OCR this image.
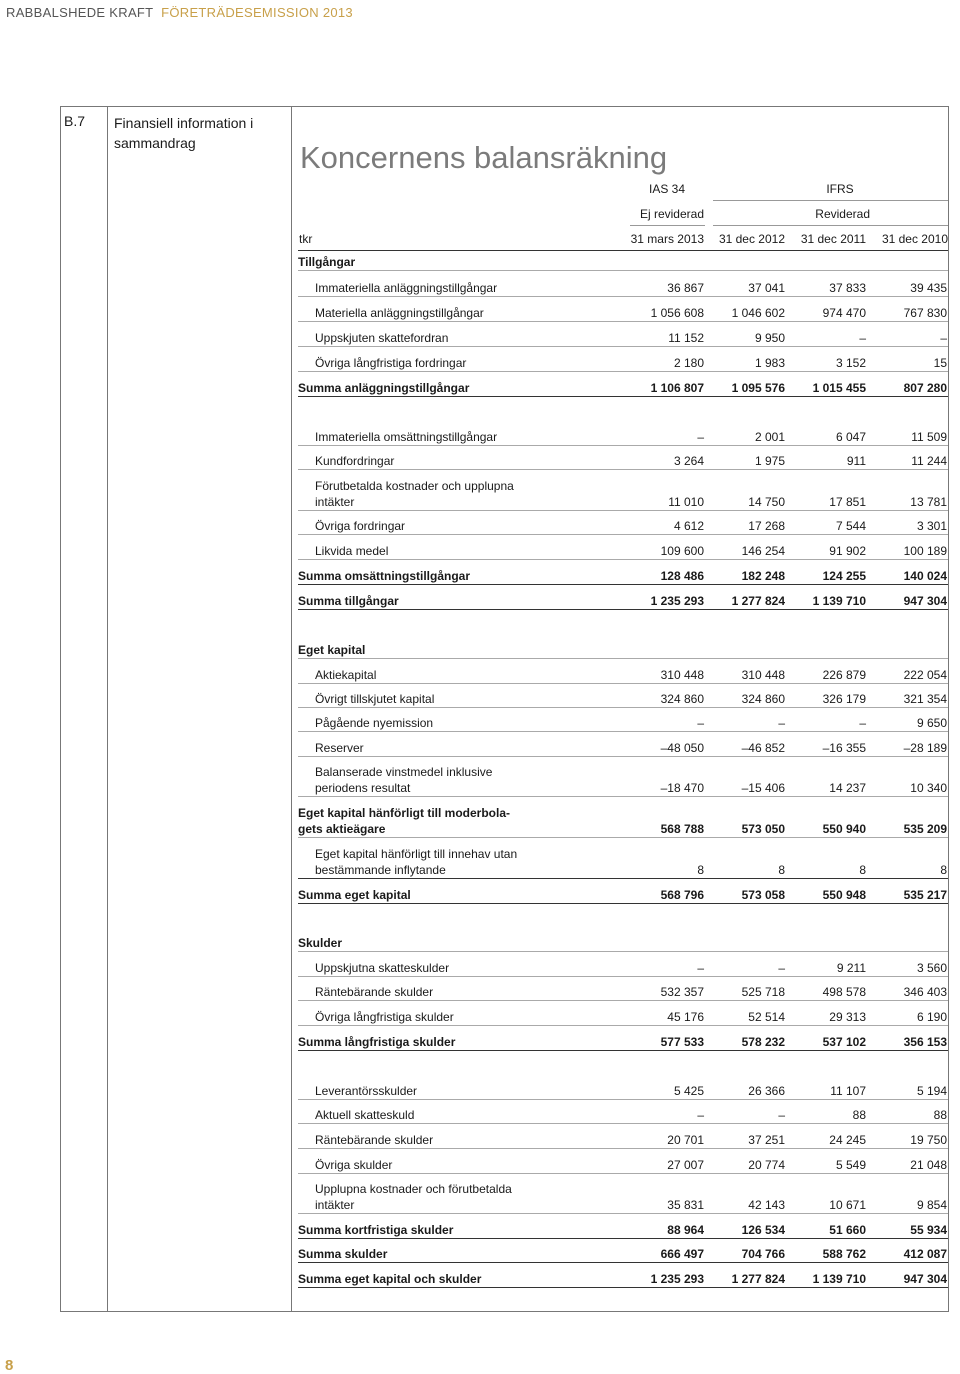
RABBALSHEDE KRAFT FÖRETRÄDESEMISSION 2013
B.7 Finansiell information i sammandrag	Koncernens balansräkning
IAS 34	IFRS
Ej reviderad	Reviderad
tkr	31 mars 2013	31 dec 2012	31 dec 2011	31 dec 2010
Tillgångar
Immateriella anläggningstillgångar	36 867	37 041	37 833	39 435
Materiella anläggningstillgångar	1 056 608	1 046 602	974 470	767 830
Uppskjuten skattefordran	11 152	9 950	–	–
Övriga långfristiga fordringar	2 180	1 983	3 152	15
Summa anläggningstillgångar	1 106 807	1 095 576	1 015 455	807 280
Immateriella omsättningstillgångar	–	2 001	6 047	11 509
Kundfordringar	3 264	1 975	911	11 244
Förutbetalda kostnader och upplupna
intäkter	11 010	14 750	17 851	13 781
Övriga fordringar	4 612	17 268	7 544	3 301
Likvida medel	109 600	146 254	91 902	100 189
Summa omsättningstillgångar	128 486	182 248	124 255	140 024
Summa tillgångar	1 235 293	1 277 824	1 139 710	947 304
Eget kapital
Aktiekapital	310 448	310 448	226 879	222 054
Övrigt tillskjutet kapital	324 860	324 860	326 179	321 354
Pågående nyemission	–	–	–	9 650
Reserver	–48 050	–46 852	–16 355	–28 189
Balanserade vinstmedel inklusive
periodens resultat	–18 470	–15 406	14 237	10 340
Eget kapital hänförligt till moderbola-
gets aktieägare	568 788	573 050	550 940	535 209
Eget kapital hänförligt till innehav utan
bestämmande inflytande	8	8	8	8
Summa eget kapital	568 796	573 058	550 948	535 217
Skulder
Uppskjutna skatteskulder	–	–	9 211	3 560
Räntebärande skulder	532 357	525 718	498 578	346 403
Övriga långfristiga skulder	45 176	52 514	29 313	6 190
Summa långfristiga skulder	577 533	578 232	537 102	356 153
Leverantörsskulder	5 425	26 366	11 107	5 194
Aktuell skatteskuld	–	–	88	88
Räntebärande skulder	20 701	37 251	24 245	19 750
Övriga skulder	27 007	20 774	5 549	21 048
Upplupna kostnader och förutbetalda
intäkter	35 831	42 143	10 671	9 854
Summa kortfristiga skulder	88 964	126 534	51 660	55 934
Summa skulder	666 497	704 766	588 762	412 087
Summa eget kapital och skulder	1 235 293	1 277 824	1 139 710	947 304
8
